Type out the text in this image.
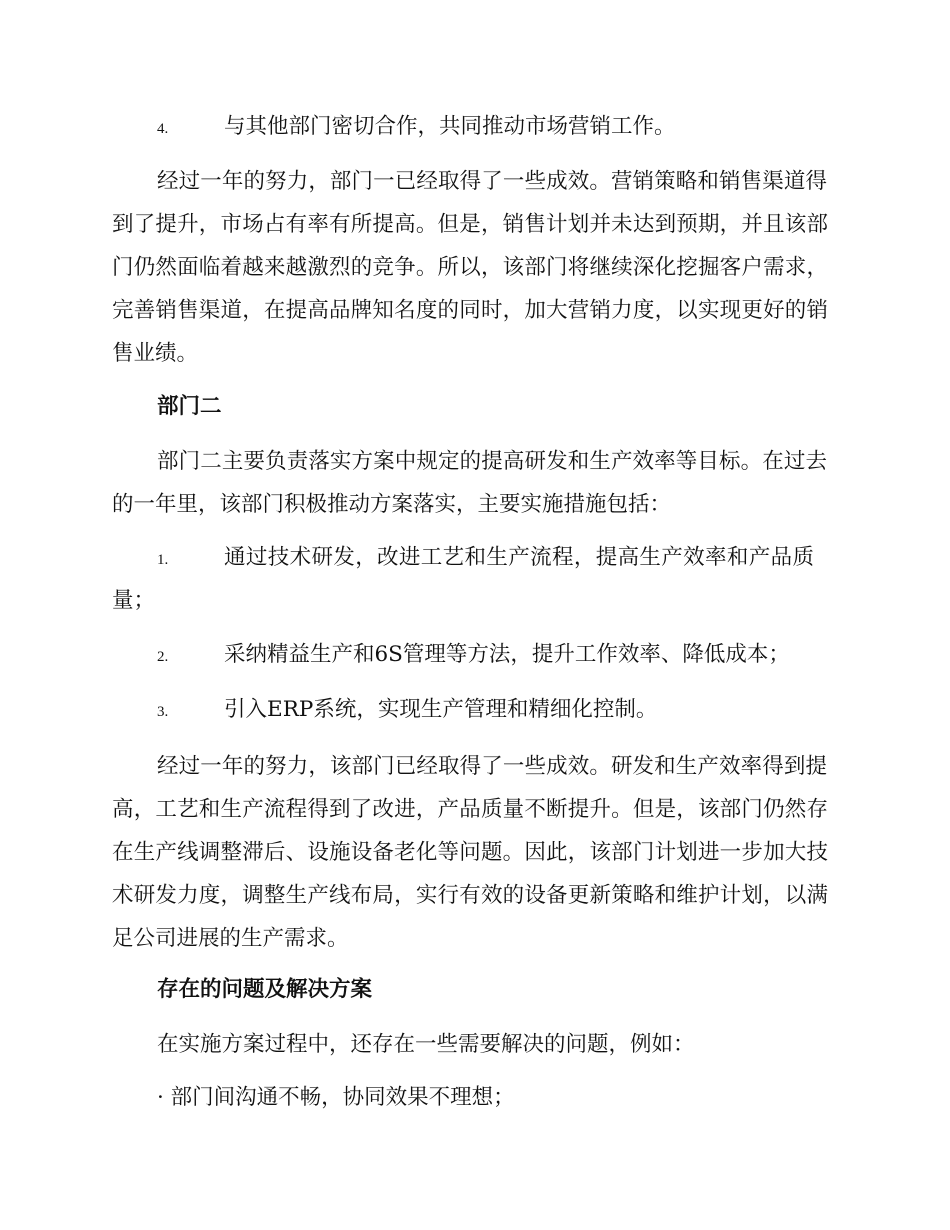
4.	与其他部门密切合作，共同推动市场营销工作。
经过一年的努力，部门一已经取得了一些成效。营销策略和销售渠道得
到了提升，市场占有率有所提高。但是，销售计划并未达到预期，并且该部
门仍然面临着越来越激烈的竞争。所以，该部门将继续深化挖掘客户需求，
完善销售渠道，在提高品牌知名度的同时，加大营销力度，以实现更好的销
售业绩。
部门二
部门二主要负责落实方案中规定的提高研发和生产效率等目标。在过去
的一年里，该部门积极推动方案落实，主要实施措施包括：
1.	通过技术研发，改进工艺和生产流程，提高生产效率和产品质
量；
2.	采纳精益生产和6S管理等方法，提升工作效率、降低成本；
3.	引入ERP系统，实现生产管理和精细化控制。
经过一年的努力，该部门已经取得了一些成效。研发和生产效率得到提
高，工艺和生产流程得到了改进，产品质量不断提升。但是，该部门仍然存
在生产线调整滞后、设施设备老化等问题。因此，该部门计划进一步加大技
术研发力度，调整生产线布局，实行有效的设备更新策略和维护计划，以满
足公司进展的生产需求。
存在的问题及解决方案
在实施方案过程中，还存在一些需要解决的问题，例如：
· 部门间沟通不畅，协同效果不理想；
